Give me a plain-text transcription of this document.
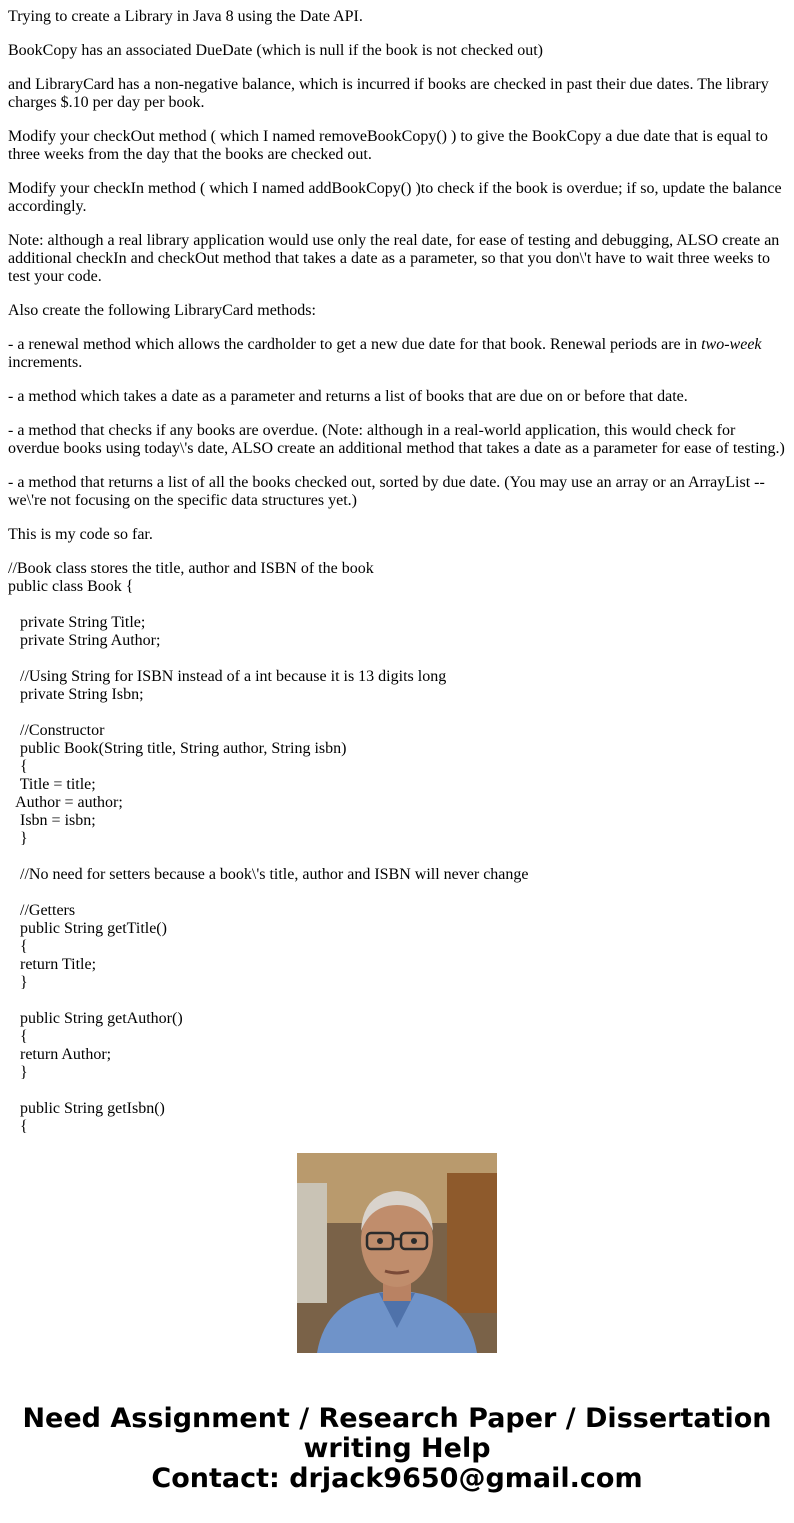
Trying to create a Library in Java 8 using the Date API.

BookCopy has an associated DueDate (which is null if the book is not checked out)

and LibraryCard has a non-negative balance, which is incurred if books are checked in past their due dates. The library charges $.10 per day per book.

Modify your checkOut method ( which I named removeBookCopy() ) to give the BookCopy a due date that is equal to three weeks from the day that the books are checked out.

Modify your checkIn method ( which I named addBookCopy() )to check if the book is overdue; if so, update the balance accordingly.

Note: although a real library application would use only the real date, for ease of testing and debugging, ALSO create an additional checkIn and checkOut method that takes a date as a parameter, so that you don\'t have to wait three weeks to test your code.

Also create the following LibraryCard methods:

- a renewal method which allows the cardholder to get a new due date for that book. Renewal periods are in two-week increments.

- a method which takes a date as a parameter and returns a list of books that are due on or before that date.

- a method that checks if any books are overdue. (Note: although in a real-world application, this would check for overdue books using today\'s date, ALSO create an additional method that takes a date as a parameter for ease of testing.)

- a method that returns a list of all the books checked out, sorted by due date. (You may use an array or an ArrayList -- we\'re not focusing on the specific data structures yet.)

This is my code so far.

//Book class stores the title, author and ISBN of the book
public class Book {
private String Title;
private String Author;
//Using String for ISBN instead of a int because it is 13 digits long
private String Isbn;
//Constructor
public Book(String title, String author, String isbn)
{
Title = title;
Author = author;
Isbn = isbn;
}
//No need for setters because a book\'s title, author and ISBN will never change
//Getters
public String getTitle()
{
return Title;
}
public String getAuthor()
{
return Author;
}
public String getIsbn()
{
Need Assignment / Research Paper / Dissertation
writing Help
Contact: drjack9650@gmail.com
